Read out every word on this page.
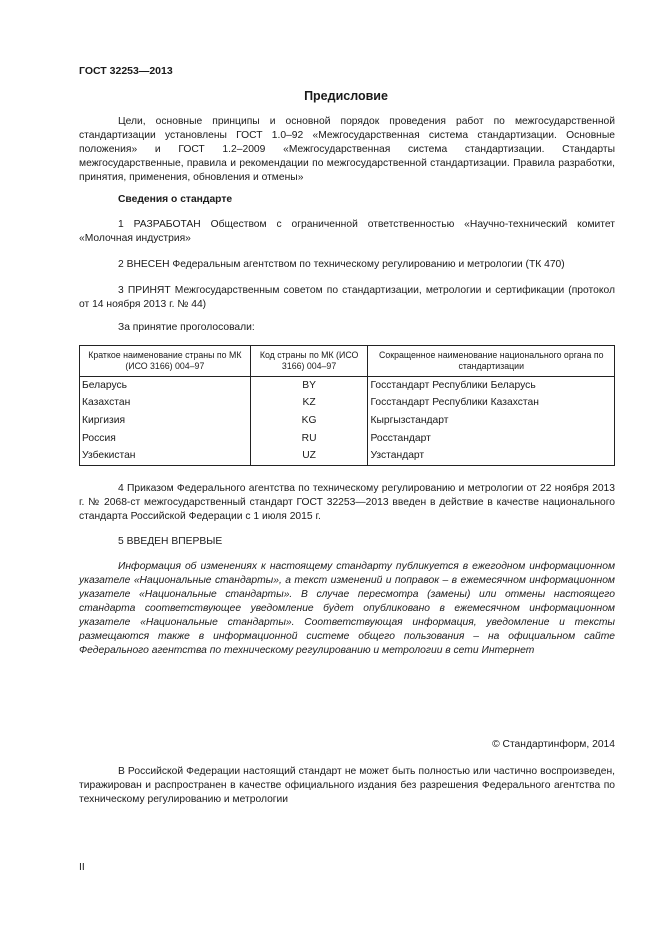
ГОСТ 32253—2013
Предисловие
Цели, основные принципы и основной порядок проведения работ по межгосударственной стандартизации установлены ГОСТ 1.0–92 «Межгосударственная система стандартизации. Основные положения» и ГОСТ 1.2–2009 «Межгосударственная система стандартизации. Стандарты межгосударственные, правила и рекомендации по межгосударственной стандартизации. Правила разработки, принятия, применения, обновления и отмены»
Сведения о стандарте
1 РАЗРАБОТАН Обществом с ограниченной ответственностью «Научно-технический комитет «Молочная индустрия»
2 ВНЕСЕН Федеральным агентством по техническому регулированию и метрологии (ТК 470)
3 ПРИНЯТ Межгосударственным советом по стандартизации, метрологии и сертификации (протокол от 14 ноября 2013 г. № 44)
За принятие проголосовали:
Краткое наименование страны по МК (ИСО 3166) 004–97	Код страны по МК (ИСО 3166) 004–97	Сокращенное наименование национального органа по стандартизации
Беларусь	BY	Госстандарт Республики Беларусь
Казахстан	KZ	Госстандарт Республики Казахстан
Киргизия	KG	Кыргызстандарт
Россия	RU	Росстандарт
Узбекистан	UZ	Узстандарт
4 Приказом Федерального агентства по техническому регулированию и метрологии от 22 ноября 2013 г. № 2068-ст межгосударственный стандарт ГОСТ 32253—2013 введен в действие в качестве национального стандарта Российской Федерации с 1 июля 2015 г.
5 ВВЕДЕН ВПЕРВЫЕ
Информация об изменениях к настоящему стандарту публикуется в ежегодном информационном указателе «Национальные стандарты», а текст изменений и поправок – в ежемесячном информационном указателе «Национальные стандарты». В случае пересмотра (замены) или отмены настоящего стандарта соответствующее уведомление будет опубликовано в ежемесячном информационном указателе «Национальные стандарты». Соответствующая информация, уведомление и тексты размещаются также в информационной системе общего пользования – на официальном сайте Федерального агентства по техническому регулированию и метрологии в сети Интернет
© Стандартинформ, 2014
В Российской Федерации настоящий стандарт не может быть полностью или частично воспроизведен, тиражирован и распространен в качестве официального издания без разрешения Федерального агентства по техническому регулированию и метрологии
II
